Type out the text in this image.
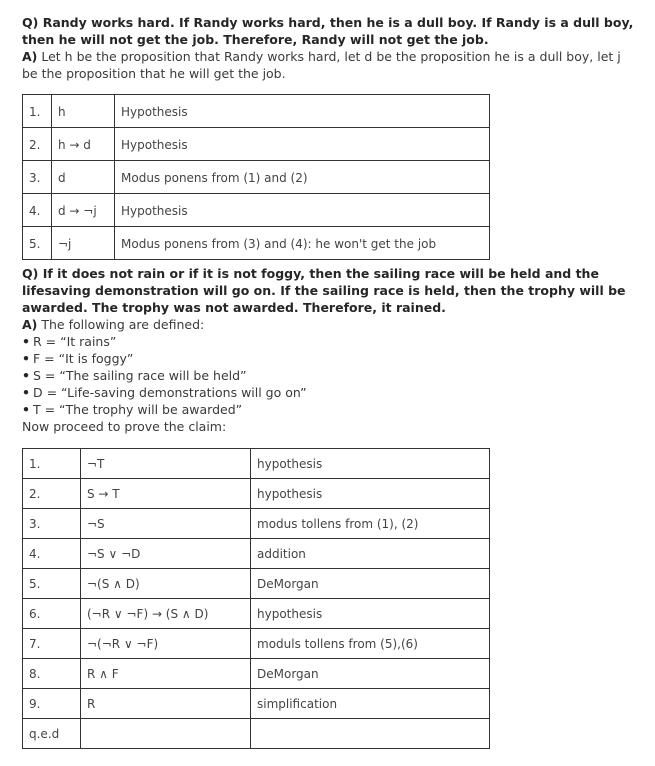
Q) Randy works hard. If Randy works hard, then he is a dull boy. If Randy is a dull boy, then he will not get the job. Therefore, Randy will not get the job.
A) Let h be the proposition that Randy works hard, let d be the proposition he is a dull boy, let j be the proposition that he will get the job.
1.	h	Hypothesis
2.	h → d	Hypothesis
3.	d	Modus ponens from (1) and (2)
4.	d → ¬j	Hypothesis
5.	¬j	Modus ponens from (3) and (4): he won't get the job
Q) If it does not rain or if it is not foggy, then the sailing race will be held and the lifesaving demonstration will go on. If the sailing race is held, then the trophy will be awarded. The trophy was not awarded. Therefore, it rained.
A) The following are defined:
• R = “It rains”
• F = “It is foggy”
• S = “The sailing race will be held”
• D = “Life-saving demonstrations will go on”
• T = “The trophy will be awarded”
Now proceed to prove the claim:
1.	¬T	hypothesis
2.	S → T	hypothesis
3.	¬S	modus tollens from (1), (2)
4.	¬S ∨ ¬D	addition
5.	¬(S ∧ D)	DeMorgan
6.	(¬R ∨ ¬F) → (S ∧ D)	hypothesis
7.	¬(¬R ∨ ¬F)	moduls tollens from (5),(6)
8.	R ∧ F	DeMorgan
9.	R	simplification
q.e.d		
